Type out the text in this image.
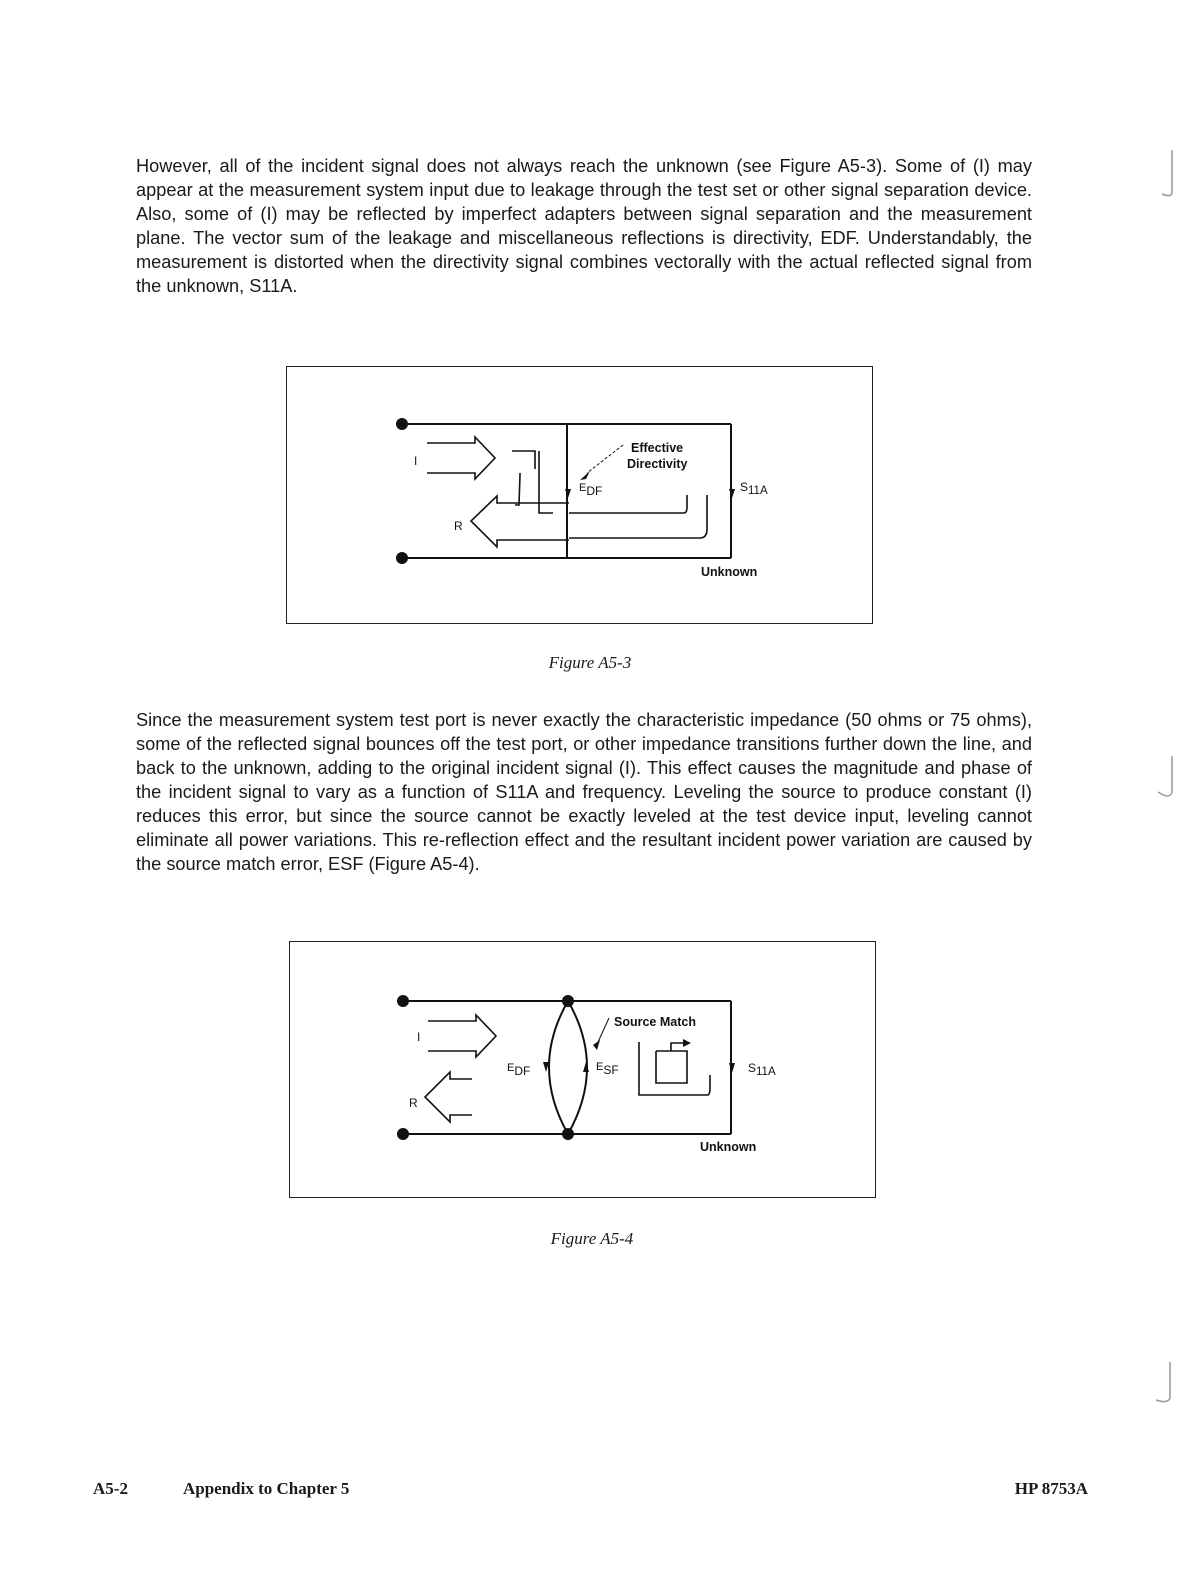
However, all of the incident signal does not always reach the unknown (see Figure A5-3). Some of (I) may appear at the measurement system input due to leakage through the test set or other signal separation device. Also, some of (I) may be reflected by imperfect adapters between signal separation and the measurement plane. The vector sum of the leakage and miscellaneous reflections is directivity, EDF. Understandably, the measurement is distorted when the directivity signal combines vectorally with the actual reflected signal from the unknown, S11A.

I
R
Effective
Directivity
EDF	S11A
Unknown
Figure A5-3

Since the measurement system test port is never exactly the characteristic impedance (50 ohms or 75 ohms), some of the reflected signal bounces off the test port, or other impedance transitions further down the line, and back to the unknown, adding to the original incident signal (I). This effect causes the magnitude and phase of the incident signal to vary as a function of S11A and frequency. Leveling the source to produce constant (I) reduces this error, but since the source cannot be exactly leveled at the test device input, leveling cannot eliminate all power variations. This re-reflection effect and the resultant incident power variation are caused by the source match error, ESF (Figure A5-4).

I
R
Source Match
EDF	ESF	S11A
Unknown
Figure A5-4
A5-2	Appendix to Chapter 5	HP 8753A
